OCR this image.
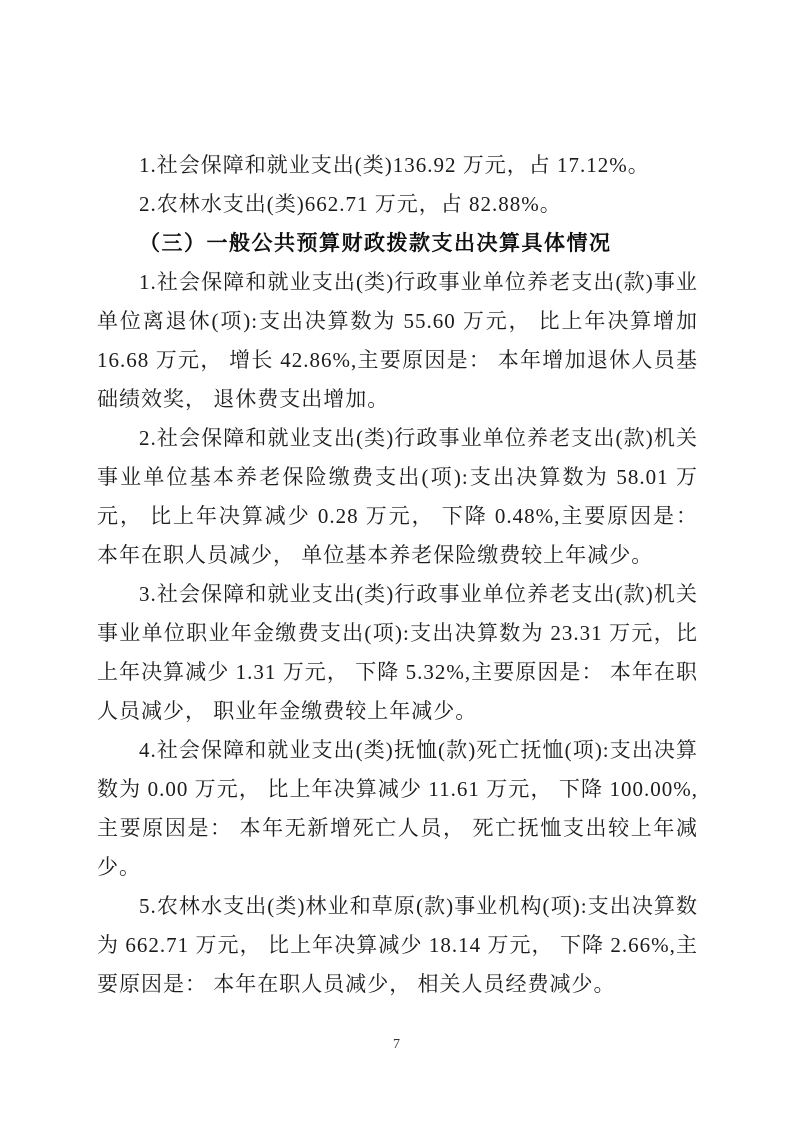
1.社会保障和就业支出(类)136.92 万元，占 17.12%。

2.农林水支出(类)662.71 万元，占 82.88%。

（三）一般公共预算财政拨款支出决算具体情况

1.社会保障和就业支出(类)行政事业单位养老支出(款)事业单位离退休(项):支出决算数为 55.60 万元， 比上年决算增加 16.68 万元， 增长 42.86%,主要原因是： 本年增加退休人员基础绩效奖， 退休费支出增加。

2.社会保障和就业支出(类)行政事业单位养老支出(款)机关事业单位基本养老保险缴费支出(项):支出决算数为 58.01 万元， 比上年决算减少 0.28 万元， 下降 0.48%,主要原因是： 本年在职人员减少， 单位基本养老保险缴费较上年减少。

3.社会保障和就业支出(类)行政事业单位养老支出(款)机关事业单位职业年金缴费支出(项):支出决算数为 23.31 万元，比上年决算减少 1.31 万元， 下降 5.32%,主要原因是： 本年在职人员减少， 职业年金缴费较上年减少。

4.社会保障和就业支出(类)抚恤(款)死亡抚恤(项):支出决算数为 0.00 万元， 比上年决算减少 11.61 万元， 下降 100.00%,主要原因是： 本年无新增死亡人员， 死亡抚恤支出较上年减少。

5.农林水支出(类)林业和草原(款)事业机构(项):支出决算数为 662.71 万元， 比上年决算减少 18.14 万元， 下降 2.66%,主要原因是： 本年在职人员减少， 相关人员经费减少。

7
